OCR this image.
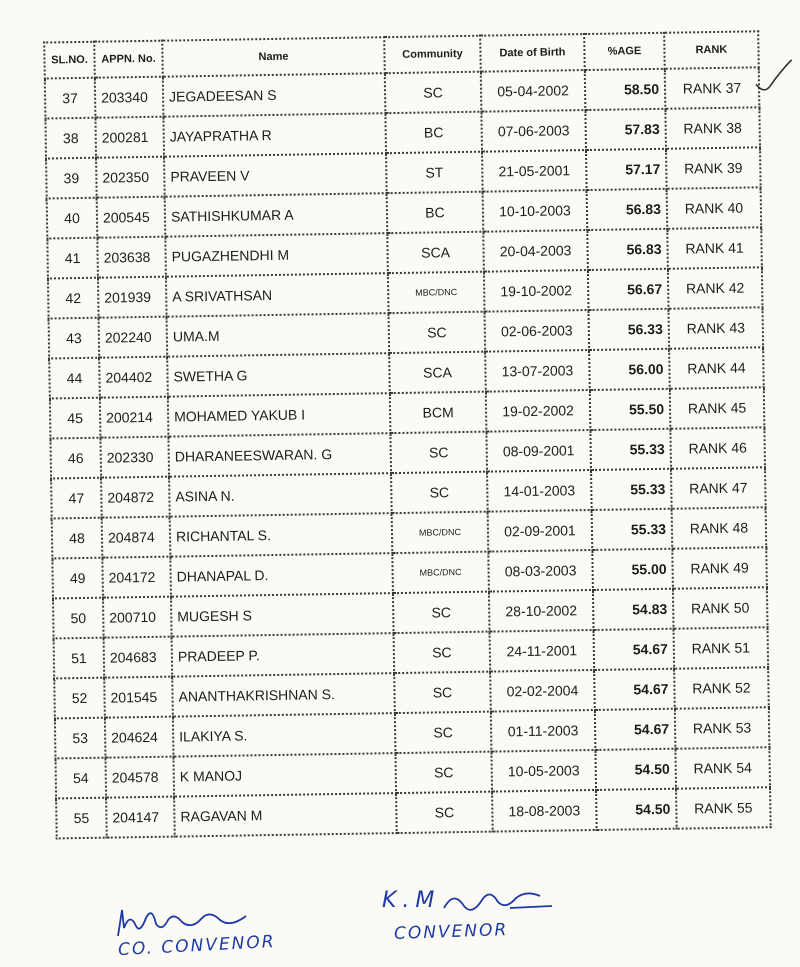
SL.NO.	APPN. No.	Name	Community	Date of Birth	%AGE	RANK
37	203340	JEGADEESAN S	SC	05-04-2002	58.50	RANK 37
38	200281	JAYAPRATHA R	BC	07-06-2003	57.83	RANK 38
39	202350	PRAVEEN V	ST	21-05-2001	57.17	RANK 39
40	200545	SATHISHKUMAR A	BC	10-10-2003	56.83	RANK 40
41	203638	PUGAZHENDHI M	SCA	20-04-2003	56.83	RANK 41
42	201939	A SRIVATHSAN	MBC/DNC	19-10-2002	56.67	RANK 42
43	202240	UMA.M	SC	02-06-2003	56.33	RANK 43
44	204402	SWETHA G	SCA	13-07-2003	56.00	RANK 44
45	200214	MOHAMED YAKUB I	BCM	19-02-2002	55.50	RANK 45
46	202330	DHARANEESWARAN. G	SC	08-09-2001	55.33	RANK 46
47	204872	ASINA N.	SC	14-01-2003	55.33	RANK 47
48	204874	RICHANTAL S.	MBC/DNC	02-09-2001	55.33	RANK 48
49	204172	DHANAPAL D.	MBC/DNC	08-03-2003	55.00	RANK 49
50	200710	MUGESH S	SC	28-10-2002	54.83	RANK 50
51	204683	PRADEEP P.	SC	24-11-2001	54.67	RANK 51
52	201545	ANANTHAKRISHNAN S.	SC	02-02-2004	54.67	RANK 52
53	204624	ILAKIYA S.	SC	01-11-2003	54.67	RANK 53
54	204578	K MANOJ	SC	10-05-2003	54.50	RANK 54
55	204147	RAGAVAN M	SC	18-08-2003	54.50	RANK 55
CO. CONVENOR
K.M
CONVENOR
